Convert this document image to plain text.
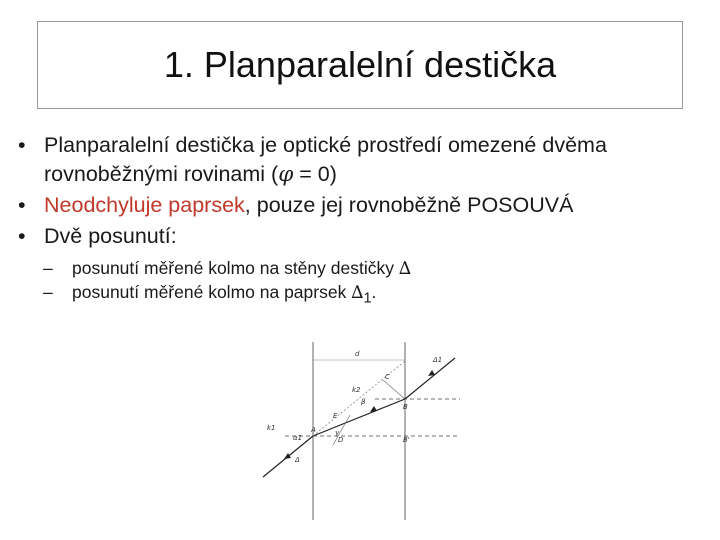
1. Planparalelní destička
• Planparalelní destička je optické prostředí omezené dvěma rovnoběžnými rovinami (φ = 0)
• Neodchyluje paprsek, pouze jej rovnoběžně POSOUVÁ
• Dvě posunutí:
– posunutí měřené kolmo na stěny destičky ∆
– posunutí měřené kolmo na paprsek $\Delta_1$.
d
Δ1
C
k2
β
B
E
k1	A	γ
α1	D	B'
Δ
